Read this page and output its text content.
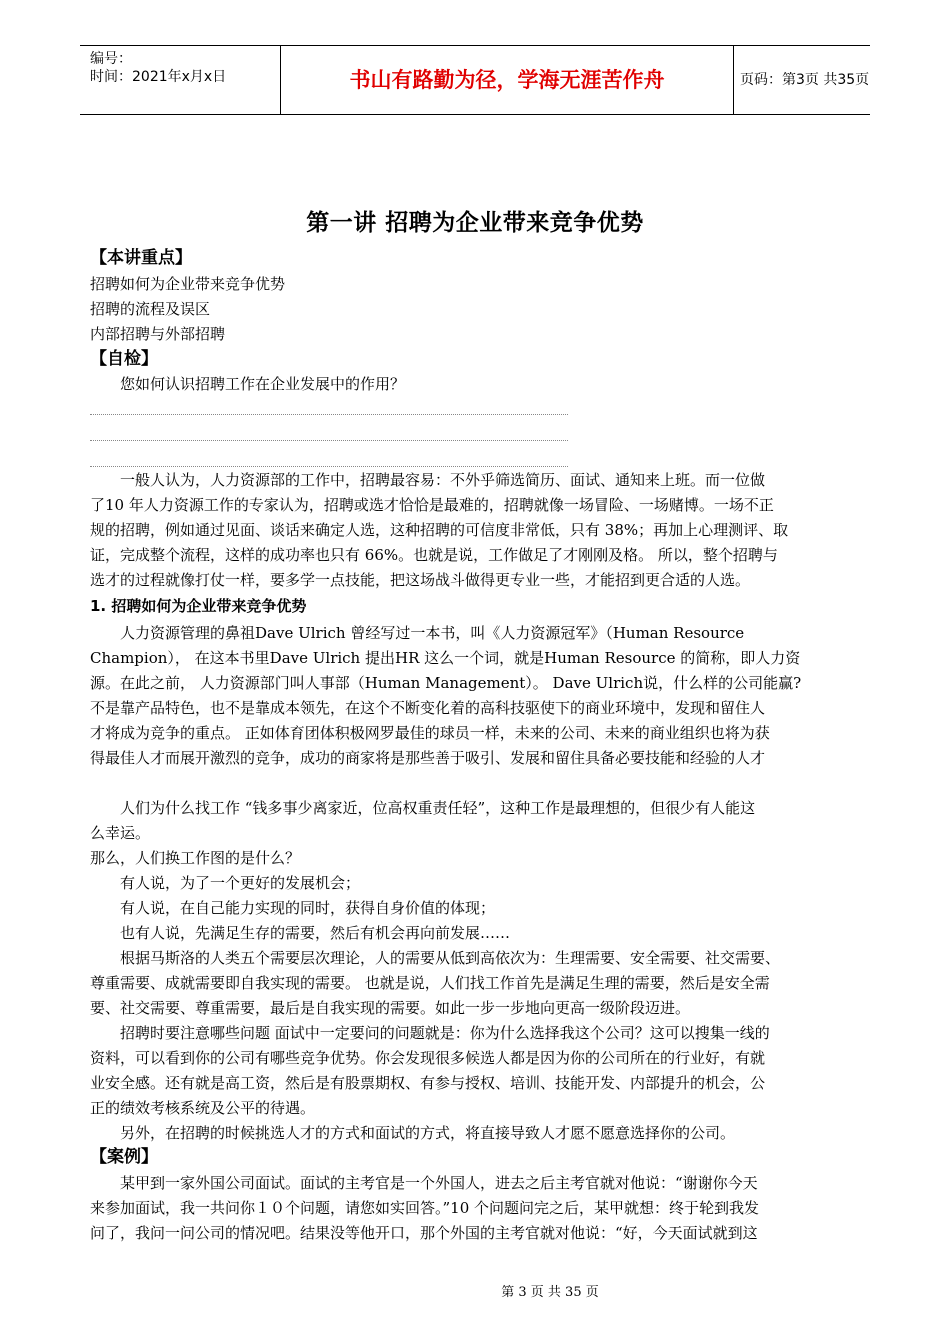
编号：
时间：2021年x月x日	书山有路勤为径，学海无涯苦作舟	页码：第3页 共35页
第一讲 招聘为企业带来竞争优势
【本讲重点】
招聘如何为企业带来竞争优势
招聘的流程及误区
内部招聘与外部招聘
【自检】
您如何认识招聘工作在企业发展中的作用？
一般人认为，人力资源部的工作中，招聘最容易：不外乎筛选简历、面试、通知来上班。而一位做
了10 年人力资源工作的专家认为，招聘或选才恰恰是最难的，招聘就像一场冒险、一场赌博。一场不正
规的招聘，例如通过见面、谈话来确定人选，这种招聘的可信度非常低，只有 38%；再加上心理测评、取
证，完成整个流程，这样的成功率也只有 66%。也就是说，工作做足了才刚刚及格。 所以，整个招聘与
选才的过程就像打仗一样，要多学一点技能，把这场战斗做得更专业一些，才能招到更合适的人选。
1. 招聘如何为企业带来竞争优势
人力资源管理的鼻祖Dave Ulrich 曾经写过一本书，叫《人力资源冠军》（Human Resource
Champion）， 在这本书里Dave Ulrich 提出HR 这么一个词，就是Human Resource 的简称，即人力资
源。在此之前， 人力资源部门叫人事部（Human Management）。 Dave Ulrich说，什么样的公司能赢?
不是靠产品特色，也不是靠成本领先，在这个不断变化着的高科技驱使下的商业环境中，发现和留住人
才将成为竞争的重点。 正如体育团体积极网罗最佳的球员一样，未来的公司、未来的商业组织也将为获
得最佳人才而展开激烈的竞争，成功的商家将是那些善于吸引、发展和留住具备必要技能和经验的人才
人们为什么找工作 “钱多事少离家近，位高权重责任轻”，这种工作是最理想的，但很少有人能这
么幸运。
那么，人们换工作图的是什么？
有人说，为了一个更好的发展机会；
有人说，在自己能力实现的同时，获得自身价值的体现；
也有人说，先满足生存的需要，然后有机会再向前发展……
根据马斯洛的人类五个需要层次理论，人的需要从低到高依次为：生理需要、安全需要、社交需要、
尊重需要、成就需要即自我实现的需要。 也就是说，人们找工作首先是满足生理的需要，然后是安全需
要、社交需要、尊重需要，最后是自我实现的需要。如此一步一步地向更高一级阶段迈进。
招聘时要注意哪些问题 面试中一定要问的问题就是：你为什么选择我这个公司？这可以搜集一线的
资料，可以看到你的公司有哪些竞争优势。你会发现很多候选人都是因为你的公司所在的行业好，有就
业安全感。还有就是高工资，然后是有股票期权、有参与授权、培训、技能开发、内部提升的机会，公
正的绩效考核系统及公平的待遇。
另外，在招聘的时候挑选人才的方式和面试的方式，将直接导致人才愿不愿意选择你的公司。
【案例】
某甲到一家外国公司面试。面试的主考官是一个外国人，进去之后主考官就对他说：“谢谢你今天
来参加面试，我一共问你１０个问题，请您如实回答。”10 个问题问完之后，某甲就想：终于轮到我发
问了，我问一问公司的情况吧。结果没等他开口，那个外国的主考官就对他说：“好，今天面试就到这
第 3 页 共 35 页
